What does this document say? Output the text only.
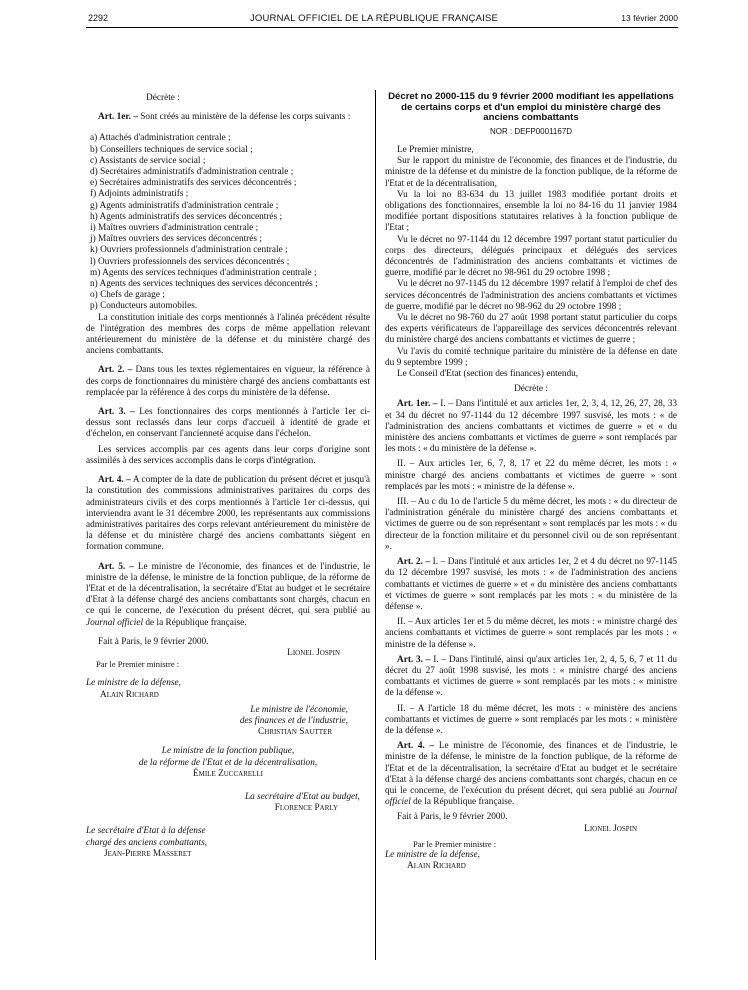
2292	JOURNAL OFFICIEL DE LA RÉPUBLIQUE FRANÇAISE	13 février 2000

Décrète :

Art. 1er. – Sont créés au ministère de la défense les corps suivants :

a) Attachés d'administration centrale ;
b) Conseillers techniques de service social ;
c) Assistants de service social ;
d) Secrétaires administratifs d'administration centrale ;
e) Secrétaires administratifs des services déconcentrés ;
f) Adjoints administratifs ;
g) Agents administratifs d'administration centrale ;
h) Agents administratifs des services déconcentrés ;
i) Maîtres ouvriers d'administration centrale ;
j) Maîtres ouvriers des services déconcentrés ;
k) Ouvriers professionnels d'administration centrale ;
l) Ouvriers professionnels des services déconcentrés ;
m) Agents des services techniques d'administration centrale ;
n) Agents des services techniques des services déconcentrés ;
o) Chefs de garage ;
p) Conducteurs automobiles.

La constitution initiale des corps mentionnés à l'alinéa précédent résulte de l'intégration des membres des corps de même appellation relevant antérieurement du ministère de la défense et du ministère chargé des anciens combattants.

Art. 2. – Dans tous les textes réglementaires en vigueur, la référence à des corps de fonctionnaires du ministère chargé des anciens combattants est remplacée par la référence à des corps du ministère de la défense.

Art. 3. – Les fonctionnaires des corps mentionnés à l'article 1er ci-dessus sont reclassés dans leur corps d'accueil à identité de grade et d'échelon, en conservant l'ancienneté acquise dans l'échelon.

Les services accomplis par ces agents dans leur corps d'origine sont assimilés à des services accomplis dans le corps d'intégration.

Art. 4. – A compter de la date de publication du présent décret et jusqu'à la constitution des commissions administratives paritaires du corps des administrateurs civils et des corps mentionnés à l'article 1er ci-dessus, qui interviendra avant le 31 décembre 2000, les représentants aux commissions administratives paritaires des corps relevant antérieurement du ministère de la défense et du ministère chargé des anciens combattants siègent en formation commune.

Art. 5. – Le ministre de l'économie, des finances et de l'industrie, le ministre de la défense, le ministre de la fonction publique, de la réforme de l'Etat et de la décentralisation, la secrétaire d'Etat au budget et le secrétaire d'Etat à la défense chargé des anciens combattants sont chargés, chacun en ce qui le concerne, de l'exécution du présent décret, qui sera publié au Journal officiel de la République française.

Fait à Paris, le 9 février 2000.

Lionel Jospin

Par le Premier ministre :

Le ministre de la défense,

Alain Richard

Le ministre de l'économie,

des finances et de l'industrie,

Christian Sautter

Le ministre de la fonction publique,

de la réforme de l'Etat et de la décentralisation,

Émile Zuccarelli

La secrétaire d'Etat au budget,

Florence Parly

Le secrétaire d'Etat à la défense

chargé des anciens combattants,

Jean-Pierre Masseret

Décret no 2000-115 du 9 février 2000 modifiant les appellations de certains corps et d'un emploi du ministère chargé des anciens combattants

NOR : DEFP0001167D

Le Premier ministre,

Sur le rapport du ministre de l'économie, des finances et de l'industrie, du ministre de la défense et du ministre de la fonction publique, de la réforme de l'Etat et de la décentralisation,

Vu la loi no 83-634 du 13 juillet 1983 modifiée portant droits et obligations des fonctionnaires, ensemble la loi no 84-16 du 11 janvier 1984 modifiée portant dispositions statutaires relatives à la fonction publique de l'Etat ;

Vu le décret no 97-1144 du 12 décembre 1997 portant statut particulier du corps des directeurs, délégués principaux et délégués des services déconcentrés de l'administration des anciens combattants et victimes de guerre, modifié par le décret no 98-961 du 29 octobre 1998 ;

Vu le décret no 97-1145 du 12 décembre 1997 relatif à l'emploi de chef des services déconcentrés de l'administration des anciens combattants et victimes de guerre, modifié par le décret no 98-962 du 29 octobre 1998 ;

Vu le décret no 98-760 du 27 août 1998 portant statut particulier du corps des experts vérificateurs de l'appareillage des services déconcentrés relevant du ministère chargé des anciens combattants et victimes de guerre ;

Vu l'avis du comité technique paritaire du ministère de la défense en date du 9 septembre 1999 ;

Le Conseil d'Etat (section des finances) entendu,

Décrète :

Art. 1er. – I. – Dans l'intitulé et aux articles 1er, 2, 3, 4, 12, 26, 27, 28, 33 et 34 du décret no 97-1144 du 12 décembre 1997 susvisé, les mots : « de l'administration des anciens combattants et victimes de guerre » et « du ministère des anciens combattants et victimes de guerre » sont remplacés par les mots : « du ministère de la défense ».

II. – Aux articles 1er, 6, 7, 8, 17 et 22 du même décret, les mots : « ministre chargé des anciens combattants et victimes de guerre » sont remplacés par les mots : « ministre de la défense ».

III. – Au c du 1o de l'article 5 du même décret, les mots : « du directeur de l'administration générale du ministère chargé des anciens combattants et victimes de guerre ou de son représentant » sont remplacés par les mots : « du directeur de la fonction militaire et du personnel civil ou de son représentant ».

Art. 2. – I. – Dans l'intitulé et aux articles 1er, 2 et 4 du décret no 97-1145 du 12 décembre 1997 susvisé, les mots : « de l'administration des anciens combattants et victimes de guerre » et « du ministère des anciens combattants et victimes de guerre » sont remplacés par les mots : « du ministère de la défense ».

II. – Aux articles 1er et 5 du même décret, les mots : « ministre chargé des anciens combattants et victimes de guerre » sont remplacés par les mots : « ministre de la défense ».

Art. 3. – I. – Dans l'intitulé, ainsi qu'aux articles 1er, 2, 4, 5, 6, 7 et 11 du décret du 27 août 1998 susvisé, les mots : « ministre chargé des anciens combattants et victimes de guerre » sont remplacés par les mots : « ministre de la défense ».

II. – A l'article 18 du même décret, les mots : « ministère des anciens combattants et victimes de guerre » sont remplacés par les mots : « ministère de la défense ».

Art. 4. – Le ministre de l'économie, des finances et de l'industrie, le ministre de la défense, le ministre de la fonction publique, de la réforme de l'Etat et de la décentralisation, la secrétaire d'Etat au budget et le secrétaire d'Etat à la défense chargé des anciens combattants sont chargés, chacun en ce qui le concerne, de l'exécution du présent décret, qui sera publié au Journal officiel de la République française.

Fait à Paris, le 9 février 2000.

Lionel Jospin

Par le Premier ministre :

Le ministre de la défense,

Alain Richard
